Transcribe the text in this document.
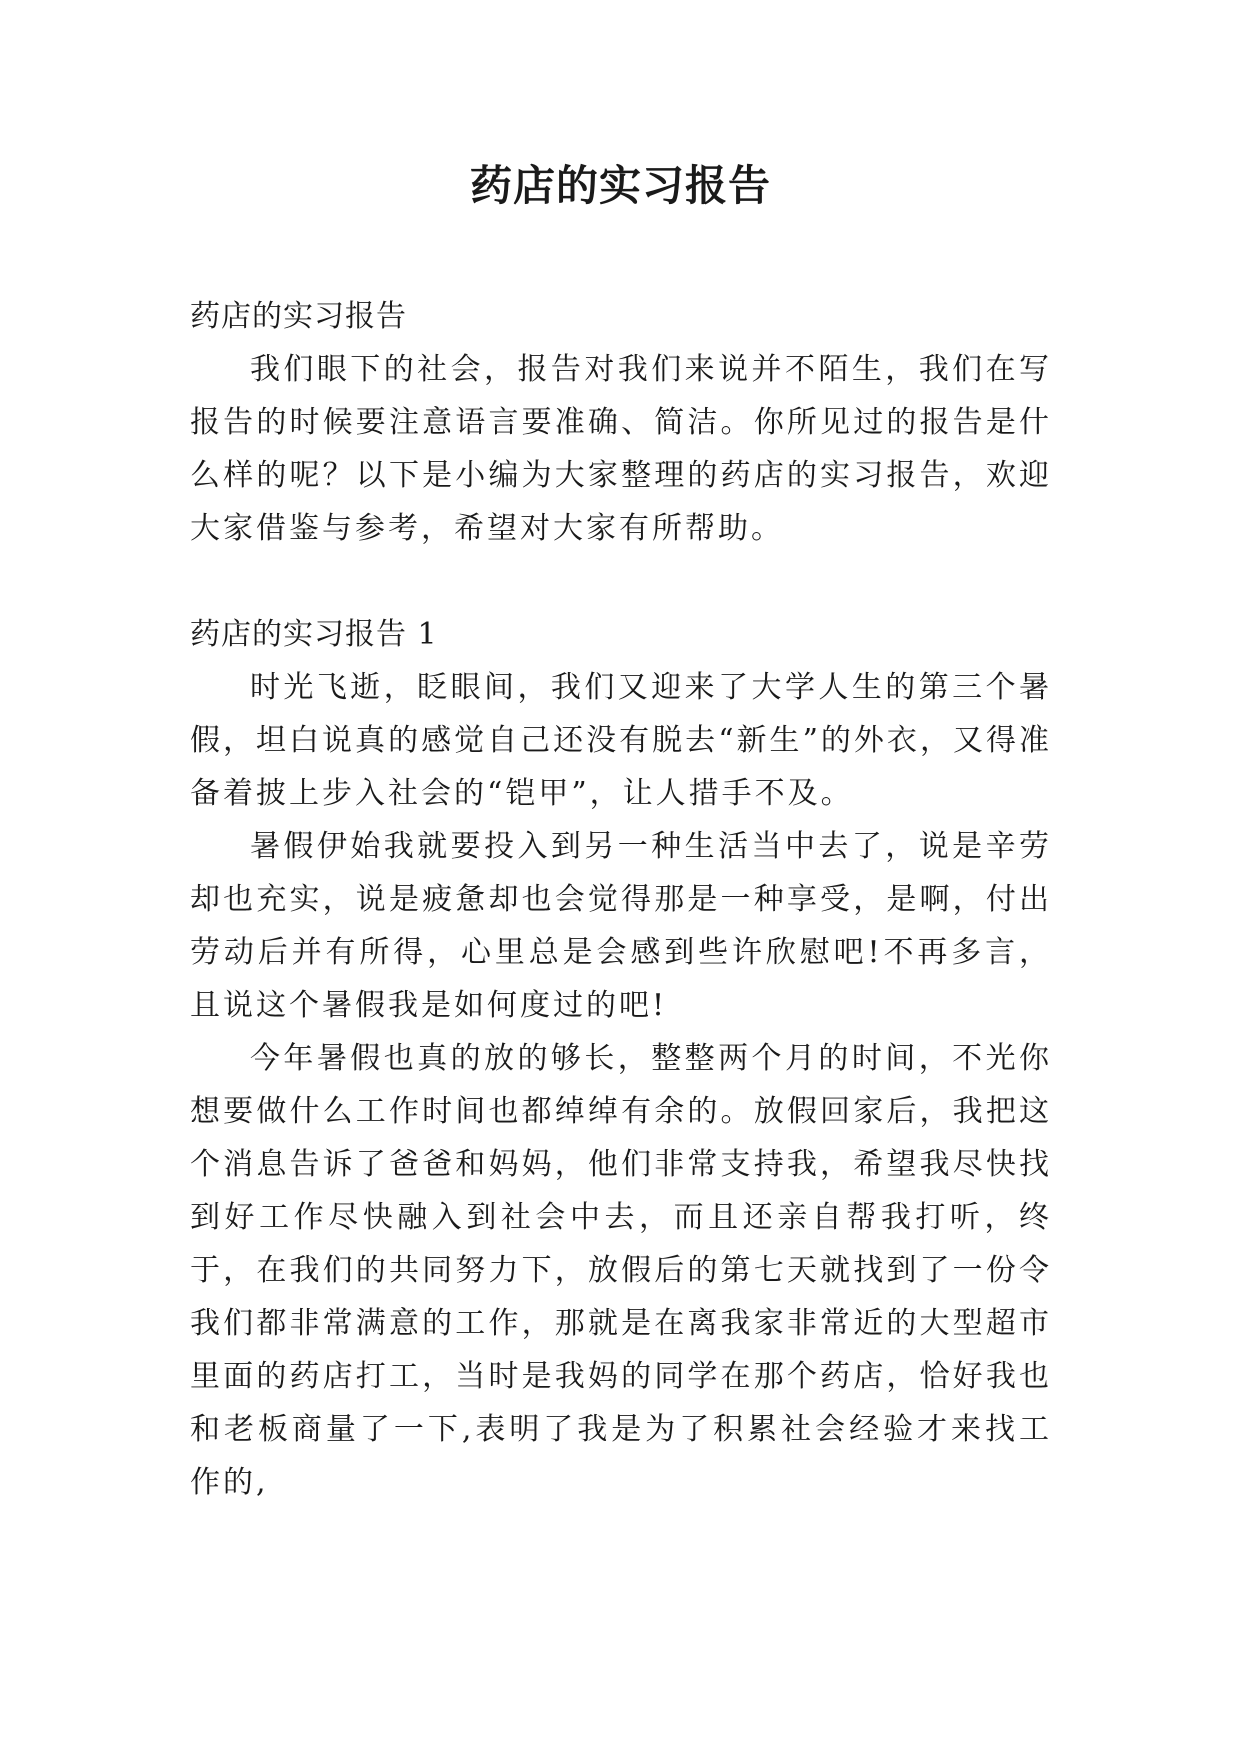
药店的实习报告

药店的实习报告

我们眼下的社会，报告对我们来说并不陌生，我们在写报告的时候要注意语言要准确、简洁。你所见过的报告是什么样的呢？以下是小编为大家整理的药店的实习报告，欢迎大家借鉴与参考，希望对大家有所帮助。

药店的实习报告 1

时光飞逝，眨眼间，我们又迎来了大学人生的第三个暑假，坦白说真的感觉自己还没有脱去“新生”的外衣，又得准备着披上步入社会的“铠甲”，让人措手不及。

暑假伊始我就要投入到另一种生活当中去了，说是辛劳却也充实，说是疲惫却也会觉得那是一种享受，是啊，付出劳动后并有所得，心里总是会感到些许欣慰吧!不再多言，且说这个暑假我是如何度过的吧!

今年暑假也真的放的够长，整整两个月的时间，不光你想要做什么工作时间也都绰绰有余的。放假回家后，我把这个消息告诉了爸爸和妈妈，他们非常支持我，希望我尽快找到好工作尽快融入到社会中去，而且还亲自帮我打听，终于，在我们的共同努力下，放假后的第七天就找到了一份令我们都非常满意的工作，那就是在离我家非常近的大型超市里面的药店打工，当时是我妈的同学在那个药店，恰好我也和老板商量了一下,表明了我是为了积累社会经验才来找工作的,
